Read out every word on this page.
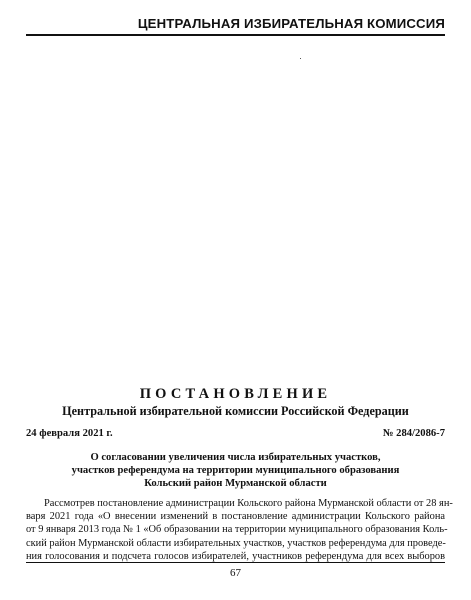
ЦЕНТРАЛЬНАЯ ИЗБИРАТЕЛЬНАЯ КОМИССИЯ
ПОСТАНОВЛЕНИЕ
Центральной избирательной комиссии Российской Федерации
24 февраля 2021 г.	№ 284/2086-7
О согласовании увеличения числа избирательных участков,
участков референдума на территории муниципального образования
Кольский район Мурманской области
Рассмотрев постановление администрации Кольского района Мурманской области от 28 ян-
варя 2021 года «О внесении изменений в постановление администрации Кольского района
от 9 января 2013 года № 1 «Об образовании на территории муниципального образования Коль-
ский район Мурманской области избирательных участков, участков референдума для проведе-
ния голосования и подсчета голосов избирателей, участников референдума для всех выборов
67
